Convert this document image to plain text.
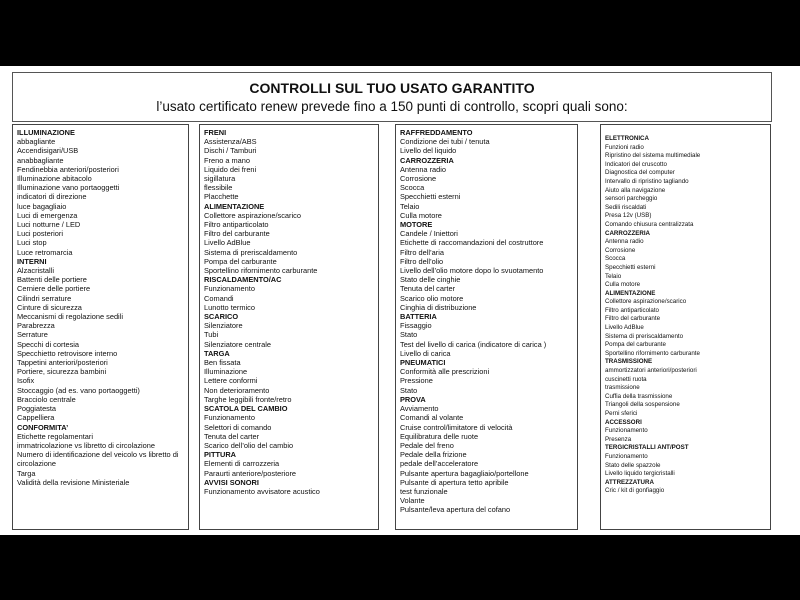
CONTROLLI SUL TUO USATO GARANTITO
l’usato certificato renew prevede fino a 150 punti di controllo, scopri quali sono:
ILLUMINAZIONE
abbagliante
Accendisigari/USB
anabbagliante
Fendinebbia anteriori/posteriori
Illuminazione abitacolo
Illuminazione vano portaoggetti
indicatori di direzione
luce bagagliaio
Luci di emergenza
Luci notturne / LED
Luci posteriori
Luci stop
Luce retromarcia
INTERNI
Alzacristalli
Battenti delle portiere
Cerniere delle portiere
Cilindri serrature
Cinture di sicurezza
Meccanismi di regolazione sedili
Parabrezza
Serrature
Specchi di cortesia
Specchietto retrovisore interno
Tappetini anteriori/posteriori
Portiere, sicurezza bambini
Isofix
Stoccaggio (ad es. vano portaoggetti)
Bracciolo centrale
Poggiatesta
Cappelliera
CONFORMITA’
Etichette regolamentari
immatricolazione vs libretto di circolazione
Numero di identificazione del veicolo vs libretto di
circolazione
Targa
Validità della revisione Ministeriale
FRENI
Assistenza/ABS
Dischi / Tamburi
Freno a mano
Liquido dei freni
sigillatura
flessibile
Placchette
ALIMENTAZIONE
Collettore aspirazione/scarico
Filtro antiparticolato
Filtro del carburante
Livello AdBlue
Sistema di preriscaldamento
Pompa del carburante
Sportellino rifornimento carburante
RISCALDAMENTO/AC
Funzionamento
Comandi
Lunotto termico
SCARICO
Silenziatore
Tubi
Silenziatore centrale
TARGA
Ben fissata
Illuminazione
Lettere conformi
Non deterioramento
Targhe leggibili fronte/retro
SCATOLA DEL CAMBIO
Funzionamento
Selettori di comando
Tenuta del carter
Scarico dell’olio del cambio
PITTURA
Elementi di carrozzeria
Paraurti anteriore/posteriore
AVVISI SONORI
Funzionamento avvisatore acustico
RAFFREDDAMENTO
Condizione dei tubi / tenuta
Livello del liquido
CARROZZERIA
Antenna radio
Corrosione
Scocca
Specchietti esterni
Telaio
Culla motore
MOTORE
Candele / Iniettori
Etichette di raccomandazioni del costruttore
Filtro dell’aria
Filtro dell’olio
Livello dell’olio motore dopo lo svuotamento
Stato delle cinghie
Tenuta del carter
Scarico olio motore
Cinghia di distribuzione
BATTERIA
Fissaggio
Stato
Test del livello di carica (indicatore di carica )
Livello di carica
PNEUMATICI
Conformità alle prescrizioni
Pressione
Stato
PROVA
Avviamento
Comandi al volante
Cruise control/limitatore di velocità
Equilibratura delle ruote
Pedale del freno
Pedale della frizione
pedale dell’acceleratore
Pulsante apertura bagagliaio/portellone
Pulsante di apertura tetto apribile
test funzionale
Volante
Pulsante/leva apertura del cofano
ELETTRONICA
Funzioni radio
Ripristino del sistema multimediale
Indicatori del cruscotto
Diagnostica del computer
Intervallo di ripristino tagliando
Aiuto alla navigazione
sensori parcheggio
Sedili riscaldati
Presa 12v (USB)
Comando chiusura centralizzata
CARROZZERIA
Antenna radio
Corrosione
Scocca
Specchietti esterni
Telaio
Culla motore
ALIMENTAZIONE
Collettore aspirazione/scarico
Filtro antiparticolato
Filtro del carburante
Livello AdBlue
Sistema di preriscaldamento
Pompa del carburante
Sportellino rifornimento carburante
TRASMISSIONE
ammortizzatori anteriori/posteriori
cuscinetti ruota
trasmissione
Cuffia della trasmissione
Triangoli della sospensione
Perni sferici
ACCESSORI
Funzionamento
Presenza
TERGICRISTALLI ANT/POST
Funzionamento
Stato delle spazzole
Livello liquido tergicristalli
ATTREZZATURA
Cric / kit di gonfiaggio
